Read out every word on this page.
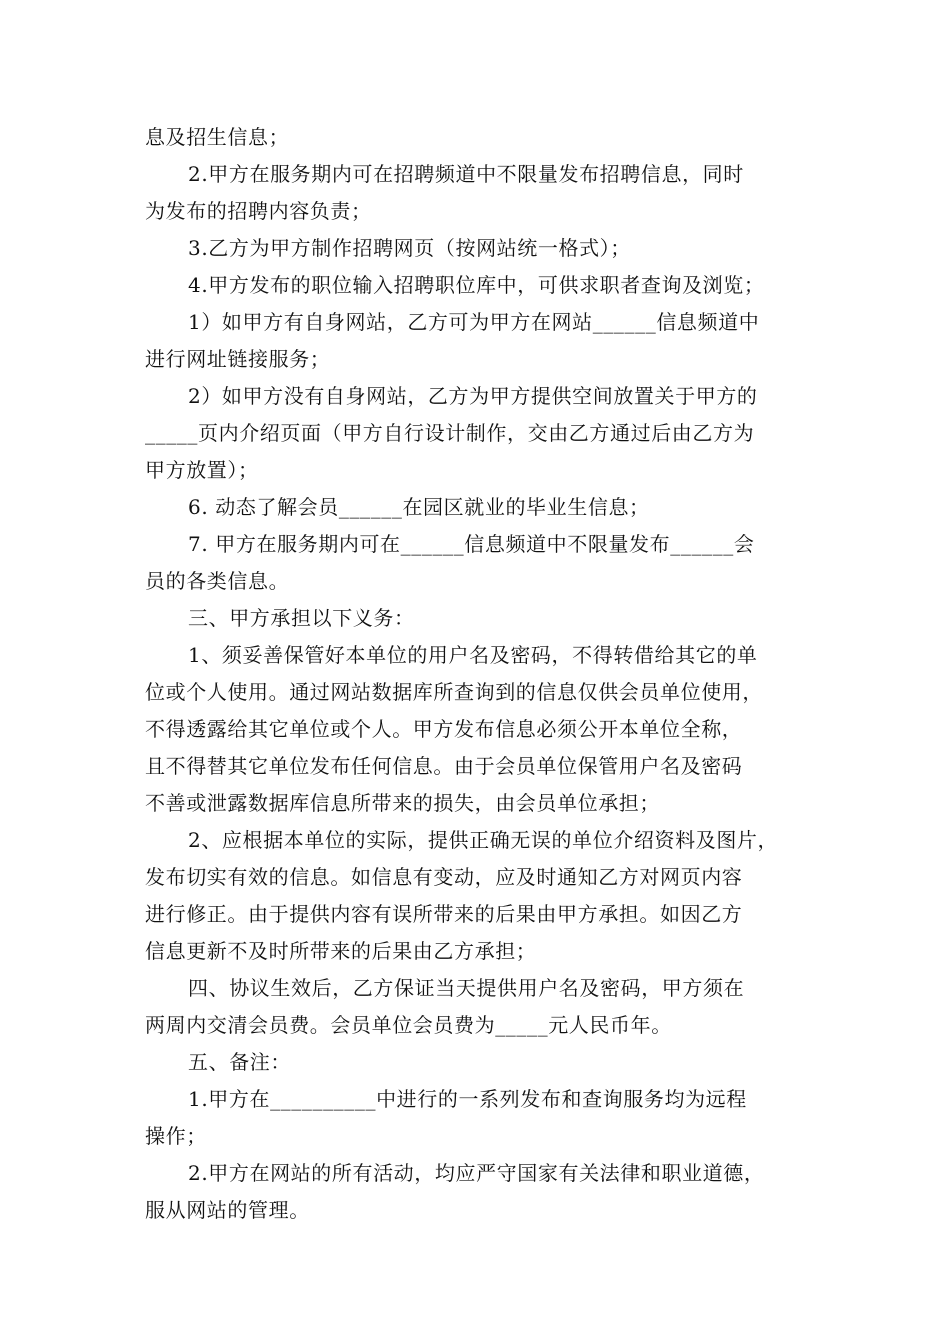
息及招生信息；
2.甲方在服务期内可在招聘频道中不限量发布招聘信息，同时
为发布的招聘内容负责；
3.乙方为甲方制作招聘网页（按网站统一格式）；
4.甲方发布的职位输入招聘职位库中，可供求职者查询及浏览；
1）如甲方有自身网站，乙方可为甲方在网站______信息频道中
进行网址链接服务；
2）如甲方没有自身网站，乙方为甲方提供空间放置关于甲方的
_____页内介绍页面（甲方自行设计制作，交由乙方通过后由乙方为
甲方放置）；
6. 动态了解会员______在园区就业的毕业生信息；
7. 甲方在服务期内可在______信息频道中不限量发布______会
员的各类信息。
三、甲方承担以下义务：
1、须妥善保管好本单位的用户名及密码，不得转借给其它的单
位或个人使用。通过网站数据库所查询到的信息仅供会员单位使用，
不得透露给其它单位或个人。甲方发布信息必须公开本单位全称，
且不得替其它单位发布任何信息。由于会员单位保管用户名及密码
不善或泄露数据库信息所带来的损失，由会员单位承担；
2、应根据本单位的实际，提供正确无误的单位介绍资料及图片，
发布切实有效的信息。如信息有变动，应及时通知乙方对网页内容
进行修正。由于提供内容有误所带来的后果由甲方承担。如因乙方
信息更新不及时所带来的后果由乙方承担；
四、协议生效后，乙方保证当天提供用户名及密码，甲方须在
两周内交清会员费。会员单位会员费为_____元人民币年。
五、备注：
1.甲方在__________中进行的一系列发布和查询服务均为远程
操作；
2.甲方在网站的所有活动，均应严守国家有关法律和职业道德，
服从网站的管理。
